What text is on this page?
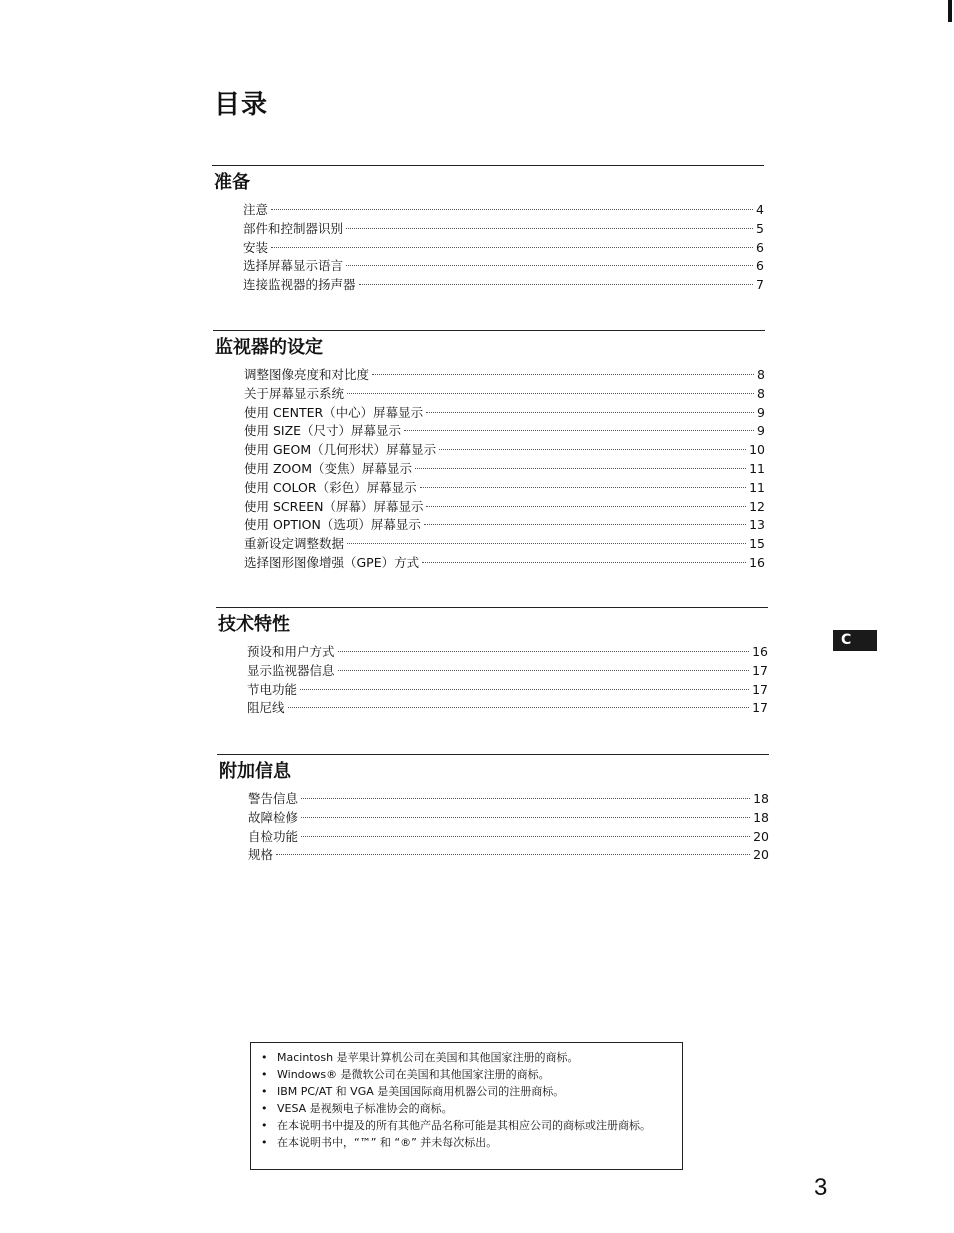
目录
准备
注意	4
部件和控制器识别	5
安装	6
选择屏幕显示语言	6
连接监视器的扬声器	7
监视器的设定
调整图像亮度和对比度	8
关于屏幕显示系统	8
使用 CENTER（中心）屏幕显示	9
使用 SIZE（尺寸）屏幕显示	9
使用 GEOM（几何形状）屏幕显示	10
使用 ZOOM（变焦）屏幕显示	11
使用 COLOR（彩色）屏幕显示	11
使用 SCREEN（屏幕）屏幕显示	12
使用 OPTION（选项）屏幕显示	13
重新设定调整数据	15
选择图形图像增强（GPE）方式	16
技术特性
预设和用户方式	16
显示监视器信息	17
节电功能	17
阻尼线	17
附加信息
警告信息	18
故障检修	18
自检功能	20
规格	20
C
• Macintosh 是苹果计算机公司在美国和其他国家注册的商标。
• Windows® 是微软公司在美国和其他国家注册的商标。
• IBM PC/AT 和 VGA 是美国国际商用机器公司的注册商标。
• VESA 是视频电子标准协会的商标。
• 在本说明书中提及的所有其他产品名称可能是其相应公司的商标或注册商标。
• 在本说明书中，“™” 和 “®” 并未每次标出。
3
